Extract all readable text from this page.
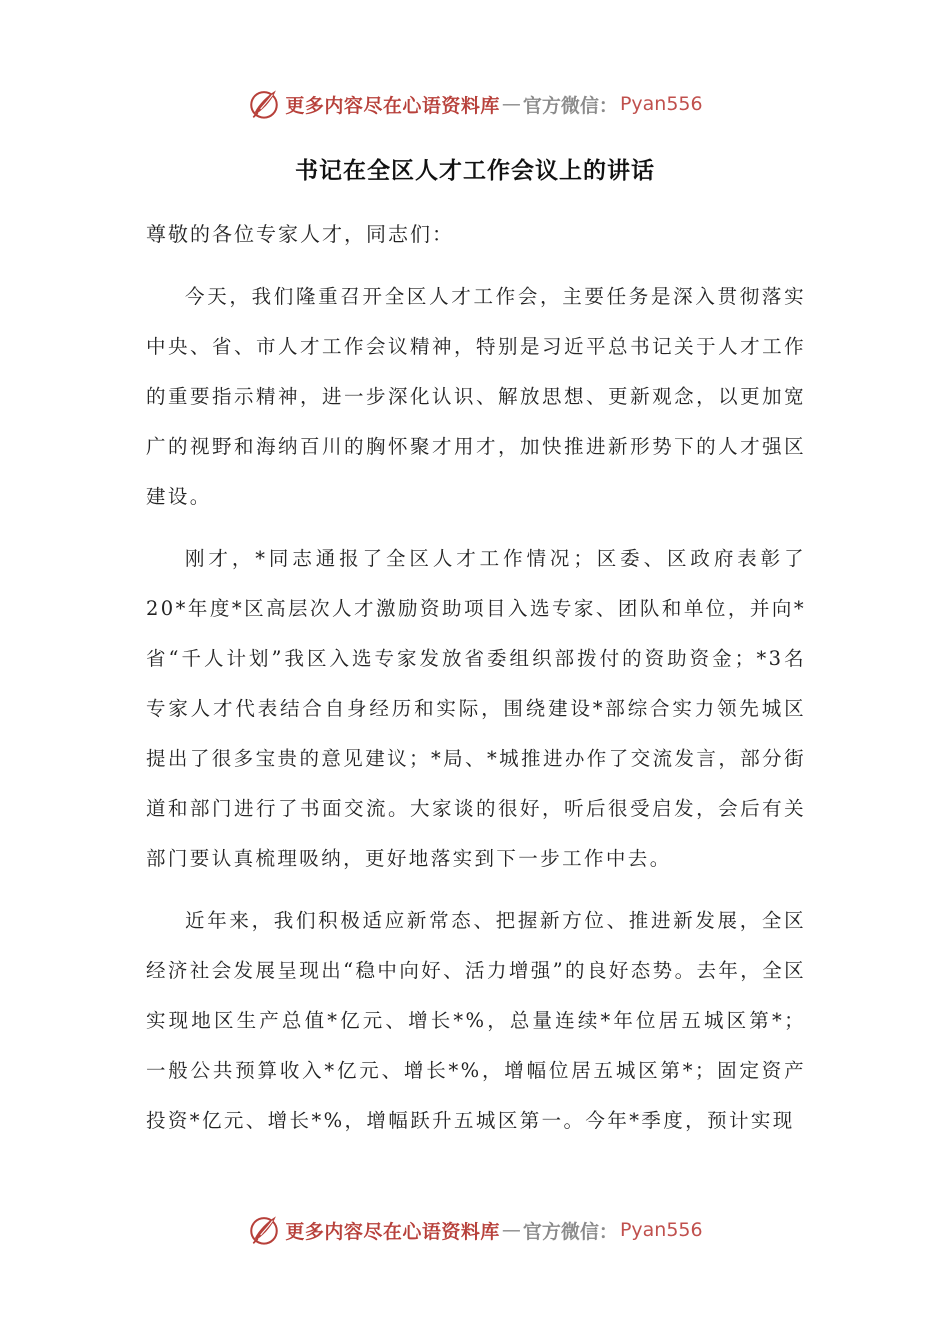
更多内容尽在心语资料库 — 官方微信： Pyan556
书记在全区人才工作会议上的讲话
尊敬的各位专家人才，同志们：

今天，我们隆重召开全区人才工作会，主要任务是深入贯彻落实中央、省、市人才工作会议精神，特别是习近平总书记关于人才工作的重要指示精神，进一步深化认识、解放思想、更新观念，以更加宽广的视野和海纳百川的胸怀聚才用才，加快推进新形势下的人才强区建设。

刚才，*同志通报了全区人才工作情况；区委、区政府表彰了20*年度*区高层次人才激励资助项目入选专家、团队和单位，并向*省“千人计划”我区入选专家发放省委组织部拨付的资助资金；*3名专家人才代表结合自身经历和实际，围绕建设*部综合实力领先城区提出了很多宝贵的意见建议；*局、*城推进办作了交流发言，部分街道和部门进行了书面交流。大家谈的很好，听后很受启发，会后有关部门要认真梳理吸纳，更好地落实到下一步工作中去。

近年来，我们积极适应新常态、把握新方位、推进新发展，全区经济社会发展呈现出“稳中向好、活力增强”的良好态势。去年，全区实现地区生产总值*亿元、增长*%，总量连续*年位居五城区第*；一般公共预算收入*亿元、增长*%，增幅位居五城区第*；固定资产投资*亿元、增长*%，增幅跃升五城区第一。今年*季度，预计实现

更多内容尽在心语资料库 — 官方微信： Pyan556
